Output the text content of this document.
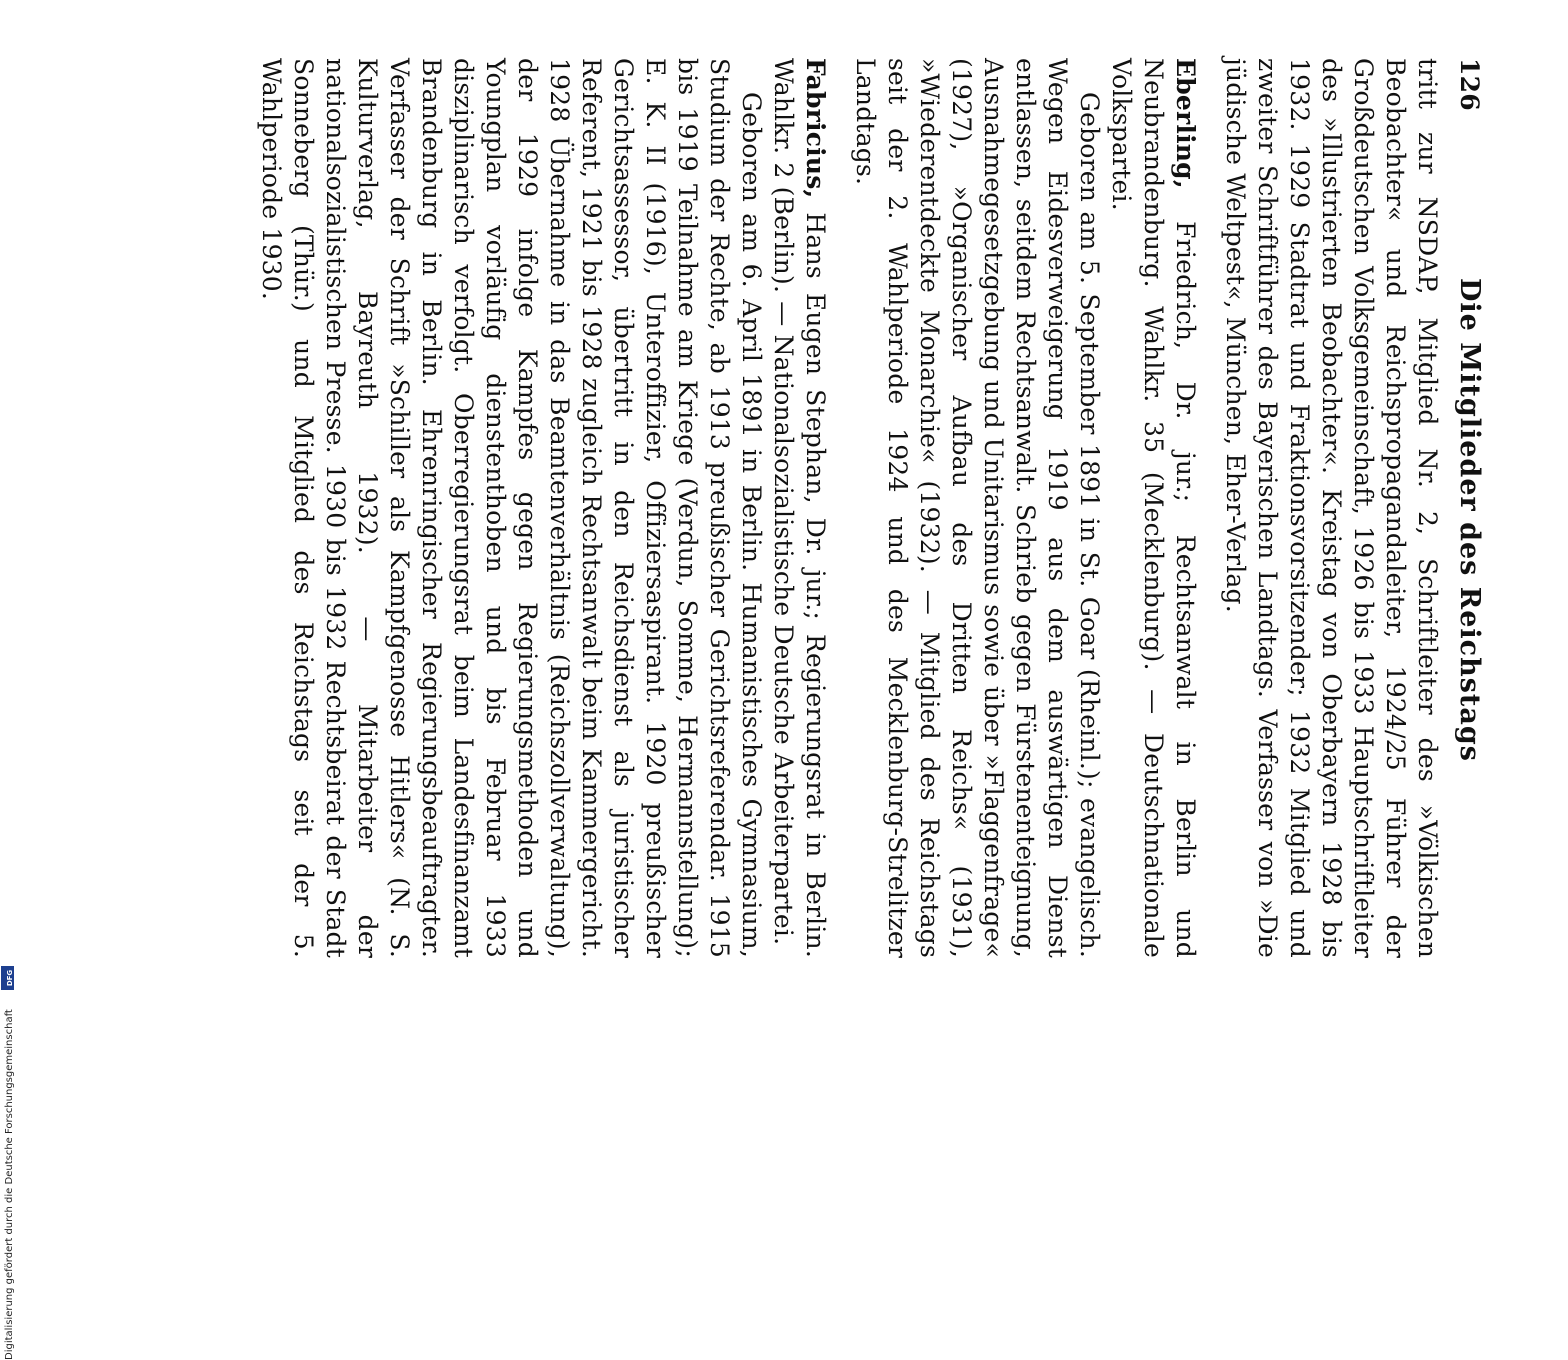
126
Die Mitglieder des Reichstags

tritt zur NSDAP, Mitglied Nr. 2, Schriftleiter des »Völkischen Beobachter« und Reichspropagandaleiter, 1924/25 Führer der Großdeutschen Volksgemeinschaft, 1926 bis 1933 Hauptschriftleiter des »Illustrierten Beobachter«. Kreistag von Oberbayern 1928 bis 1932. 1929 Stadtrat und Fraktionsvorsitzender; 1932 Mitglied und zweiter Schriftführer des Bayerischen Landtags. Verfasser von »Die jüdische Weltpest«, München, Eher-Verlag.

Eberling, Friedrich, Dr. jur.; Rechtsanwalt in Berlin und Neubrandenburg. Wahlkr. 35 (Mecklenburg). — Deutschnationale Volkspartei.

Geboren am 5. September 1891 in St. Goar (Rheinl.); evangelisch. Wegen Eidesverweigerung 1919 aus dem auswärtigen Dienst entlassen, seitdem Rechtsanwalt. Schrieb gegen Fürstenenteignung, Ausnahmegesetzgebung und Unitarismus sowie über »Flaggenfrage« (1927), »Organischer Aufbau des Dritten Reichs« (1931), »Wiederentdeckte Monarchie« (1932). — Mitglied des Reichstags seit der 2. Wahlperiode 1924 und des Mecklenburg-Strelitzer Landtags.

Fabricius, Hans Eugen Stephan, Dr. jur.; Regierungsrat in Berlin. Wahlkr. 2 (Berlin). — Nationalsozialistische Deutsche Arbeiterpartei.

Geboren am 6. April 1891 in Berlin. Humanistisches Gymnasium, Studium der Rechte, ab 1913 preußischer Gerichtsreferendar. 1915 bis 1919 Teilnahme am Kriege (Verdun, Somme, Hermannstellung); E. K. II (1916), Unteroffizier, Offiziersaspirant. 1920 preußischer Gerichtsassessor, übertritt in den Reichsdienst als juristischer Referent, 1921 bis 1928 zugleich Rechtsanwalt beim Kammergericht. 1928 Übernahme in das Beamtenverhältnis (Reichszollverwaltung), der 1929 infolge Kampfes gegen Regierungsmethoden und Youngplan vorläufig dienstenthoben und bis Februar 1933 disziplinarisch verfolgt. Oberregierungsrat beim Landesfinanzamt Brandenburg in Berlin. Ehrenringischer Regierungsbeauftragter. Verfasser der Schrift »Schiller als Kampfgenosse Hitlers« (N. S. Kulturverlag, Bayreuth 1932). — Mitarbeiter der nationalsozialistischen Presse. 1930 bis 1932 Rechtsbeirat der Stadt Sonneberg (Thür.) und Mitglied des Reichstags seit der 5. Wahlperiode 1930.

Digitalisierung gefördert durch die Deutsche Forschungsgemeinschaft
DFG
